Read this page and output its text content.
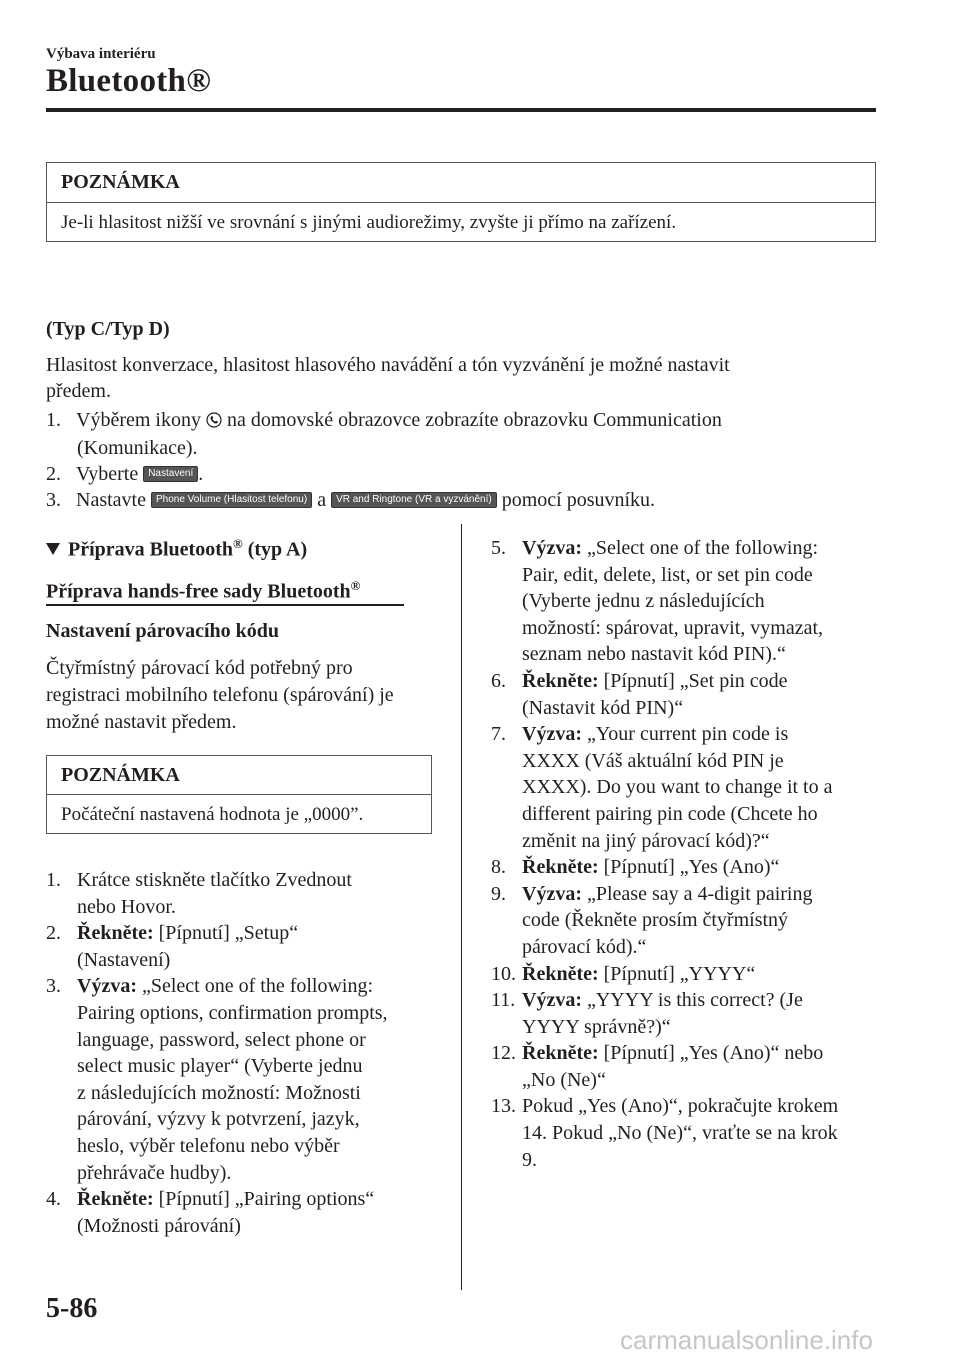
Výbava interiéru
Bluetooth®
POZNÁMKA
Je-li hlasitost nižší ve srovnání s jinými audiorežimy, zvyšte ji přímo na zařízení.
(Typ C/Typ D)
Hlasitost konverzace, hlasitost hlasového navádění a tón vyzvánění je možné nastavit
předem.
1. Výběrem ikony na domovské obrazovce zobrazíte obrazovku Communication
(Komunikace).
2. Vyberte Nastavení .
3. Nastavte Phone Volume (Hlasitost telefonu) a VR and Ringtone (VR a vyzvánění) pomocí posuvníku.
Příprava Bluetooth® (typ A)
Příprava hands-free sady Bluetooth®
Nastavení párovacího kódu
Čtyřmístný párovací kód potřebný pro
registraci mobilního telefonu (spárování) je
možné nastavit předem.
POZNÁMKA
Počáteční nastavená hodnota je „0000”.
1. Krátce stiskněte tlačítko Zvednout
nebo Hovor.
2. Řekněte: [Pípnutí] „Setup“
(Nastavení)
3. Výzva: „Select one of the following:
Pairing options, confirmation prompts,
language, password, select phone or
select music player“ (Vyberte jednu
z následujících možností: Možnosti
párování, výzvy k potvrzení, jazyk,
heslo, výběr telefonu nebo výběr
přehrávače hudby).
4. Řekněte: [Pípnutí] „Pairing options“
(Možnosti párování)
5. Výzva: „Select one of the following:
Pair, edit, delete, list, or set pin code
(Vyberte jednu z následujících
možností: spárovat, upravit, vymazat,
seznam nebo nastavit kód PIN).“
6. Řekněte: [Pípnutí] „Set pin code
(Nastavit kód PIN)“
7. Výzva: „Your current pin code is
XXXX (Váš aktuální kód PIN je
XXXX). Do you want to change it to a
different pairing pin code (Chcete ho
změnit na jiný párovací kód)?“
8. Řekněte: [Pípnutí] „Yes (Ano)“
9. Výzva: „Please say a 4-digit pairing
code (Řekněte prosím čtyřmístný
párovací kód).“
10. Řekněte: [Pípnutí] „YYYY“
11. Výzva: „YYYY is this correct? (Je
YYYY správně?)“
12. Řekněte: [Pípnutí] „Yes (Ano)“ nebo
„No (Ne)“
13. Pokud „Yes (Ano)“, pokračujte krokem
14. Pokud „No (Ne)“, vraťte se na krok
9.
5-86
carmanualsonline.info
